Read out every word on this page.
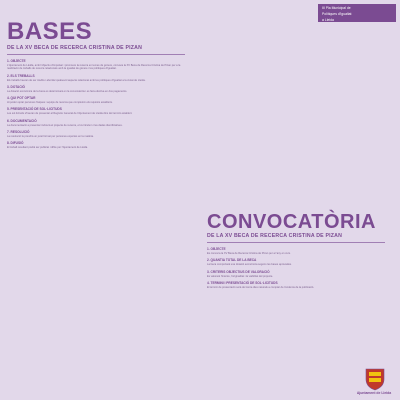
III Pla Municipal de
Polítiques d'Igualtat
a Lleida
BASES
DE LA XV BECA DE RECERCA CRISTINA DE PIZAN
1. OBJECTE
L'Ajuntament de Lleida, amb l'objectiu d'impulsar i promoure la recerca en temes de gènere, convoca la XV Beca de Recerca Cristina de Pizan per a la realització de treballs de recerca relacionats amb la igualtat de gènere i les polítiques d'igualtat.
2. ELS TREBALLS
Els treballs hauran de ser inèdits i abordar qualsevol aspecte relacionat amb les polítiques d'igualtat a la ciutat de Lleida.
3. DOTACIÓ
La dotació econòmica de la beca es determinarà en la convocatòria i es farà efectiva en dos pagaments.
4. QUI POT OPTAR
Hi poden optar persones físiques i equips de recerca que compleixin els requisits establerts.
5. PRESENTACIÓ DE SOL·LICITUDS
Les sol·licituds s'hauran de presentar al Registre General de l'Ajuntament de Lleida dins del termini establert.
6. DOCUMENTACIÓ
La documentació a presentar inclourà el projecte de recerca, el currículum i les dades identificatives.
7. RESOLUCIÓ
La resolució la prendrà un jurat format per persones expertes en la matèria.
8. DIFUSIÓ
El treball resultant podrà ser publicat i difós per l'Ajuntament de Lleida.
CONVOCATÒRIA
DE LA XV BECA DE RECERCA CRISTINA DE PIZAN
1. OBJECTE
Es convoca la XV Beca de Recerca Cristina de Pizan per a l'any en curs.
2. QUANTIA TOTAL DE LA BECA
La beca comportarà una dotació econòmica segons les bases aprovades.
3. CRITERIS OBJECTIUS DE VALORACIÓ
Es valorarà l'interès, l'originalitat i la viabilitat del projecte.
4. TERMINI I PRESENTACIÓ DE SOL·LICITUDS
El termini de presentació serà de trenta dies naturals a comptar de l'endemà de la publicació.
Ajuntament de Lleida
